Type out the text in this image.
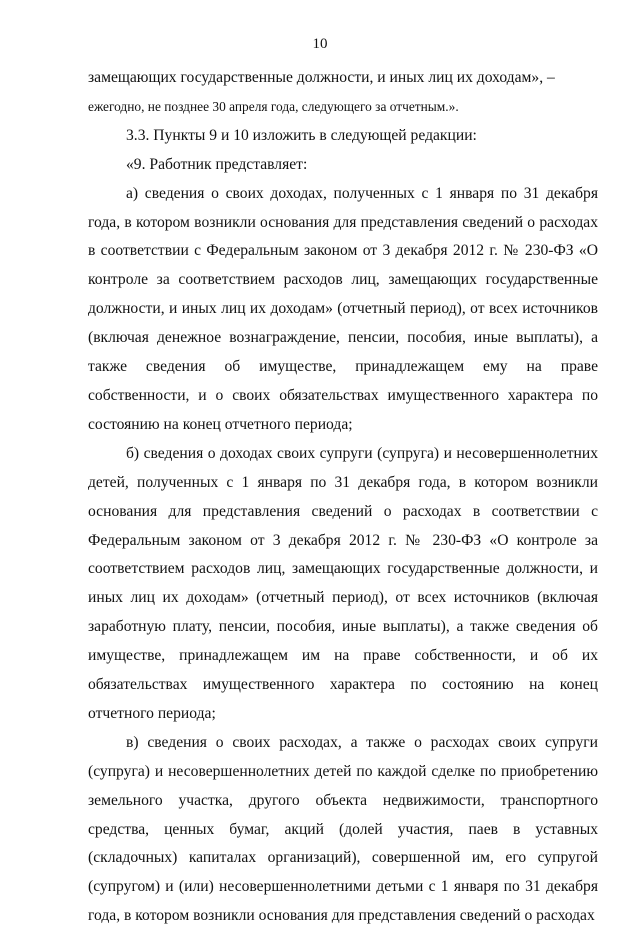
10

замещающих государственные должности, и иных лиц их доходам», –

ежегодно, не позднее 30 апреля года, следующего за отчетным.».

3.3. Пункты 9 и 10 изложить в следующей редакции:

«9. Работник представляет:

а) сведения о своих доходах, полученных с 1 января по 31 декабря года, в котором возникли основания для представления сведений о расходах в соответствии с Федеральным законом от 3 декабря 2012 г. № 230-ФЗ «О контроле за соответствием расходов лиц, замещающих государственные должности, и иных лиц их доходам» (отчетный период), от всех источников (включая денежное вознаграждение, пенсии, пособия, иные выплаты), а также сведения об имуществе, принадлежащем ему на праве собственности, и о своих обязательствах имущественного характера по состоянию на конец отчетного периода;

б) сведения о доходах своих супруги (супруга) и несовершеннолетних детей, полученных с 1 января по 31 декабря года, в котором возникли основания для представления сведений о расходах в соответствии с Федеральным законом от 3 декабря 2012 г. № 230-ФЗ «О контроле за соответствием расходов лиц, замещающих государственные должности, и иных лиц их доходам» (отчетный период), от всех источников (включая заработную плату, пенсии, пособия, иные выплаты), а также сведения об имуществе, принадлежащем им на праве собственности, и об их обязательствах имущественного характера по состоянию на конец отчетного периода;

в) сведения о своих расходах, а также о расходах своих супруги (супруга) и несовершеннолетних детей по каждой сделке по приобретению земельного участка, другого объекта недвижимости, транспортного средства, ценных бумаг, акций (долей участия, паев в уставных (складочных) капиталах организаций), совершенной им, его супругой (супругом) и (или) несовершеннолетними детьми с 1 января по 31 декабря года, в котором возникли основания для представления сведений о расходах
